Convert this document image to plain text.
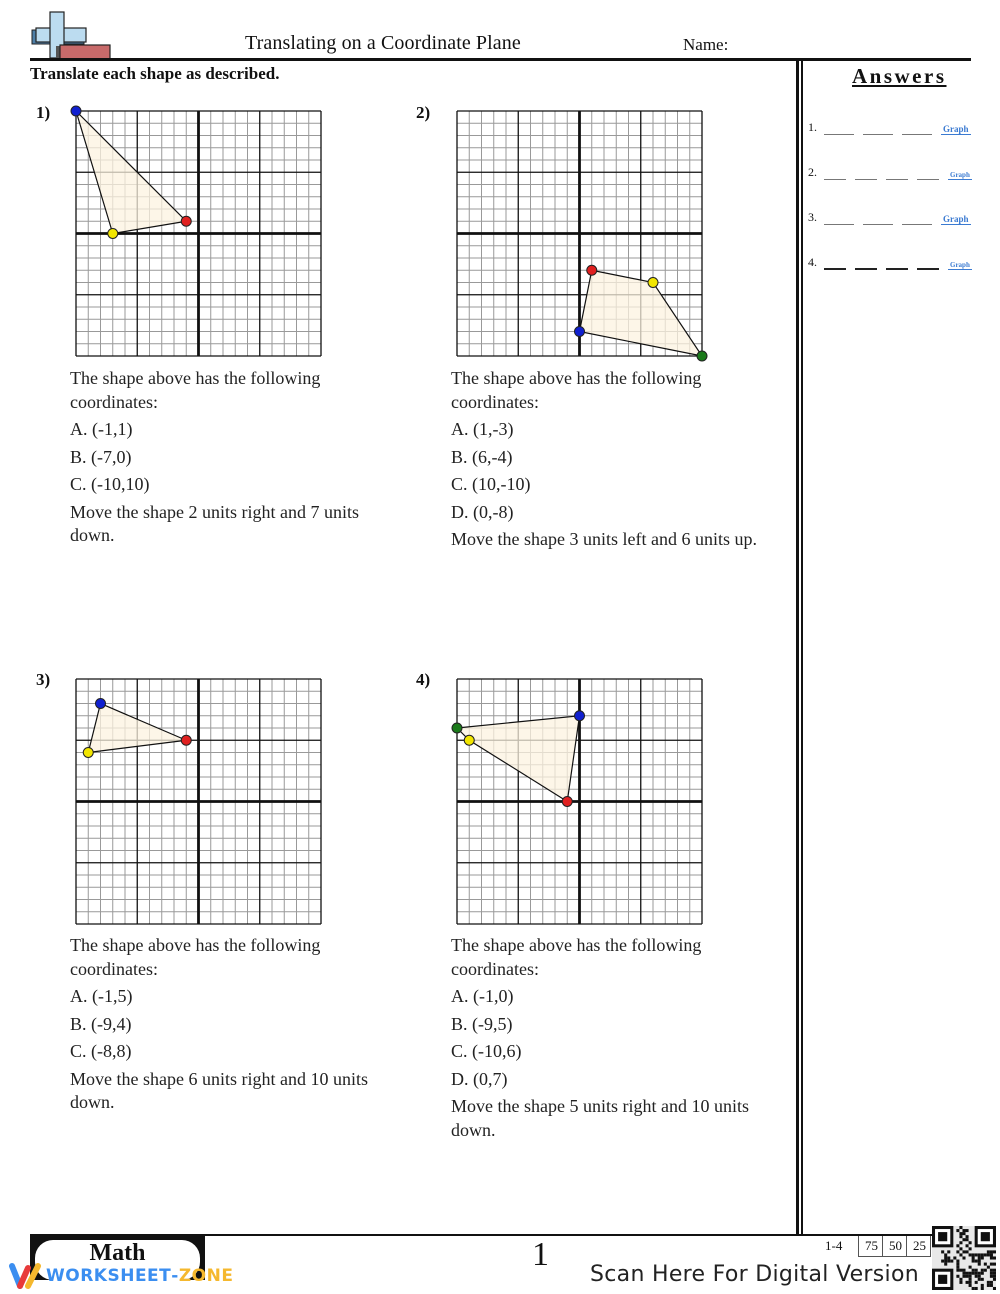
Translating on a Coordinate Plane	Name:
Translate each shape as described.	Answers
1.	Graph
2.	Graph
3.	Graph
4.	Graph
1)
The shape above has the following
coordinates:
A. (-1,1)
B. (-7,0)
C. (-10,10)
Move the shape 2 units right and 7 units
down.
2)
The shape above has the following
coordinates:
A. (1,-3)
B. (6,-4)
C. (10,-10)
D. (0,-8)
Move the shape 3 units left and 6 units up.
3)
The shape above has the following
coordinates:
A. (-1,5)
B. (-9,4)
C. (-8,8)
Move the shape 6 units right and 10 units
down.
4)
The shape above has the following
coordinates:
A. (-1,0)
B. (-9,5)
C. (-10,6)
D. (0,7)
Move the shape 5 units right and 10 units
down.
Math
WORKSHEET - ZONE
1	1-4	75 50 25
Scan Here For Digital Version
